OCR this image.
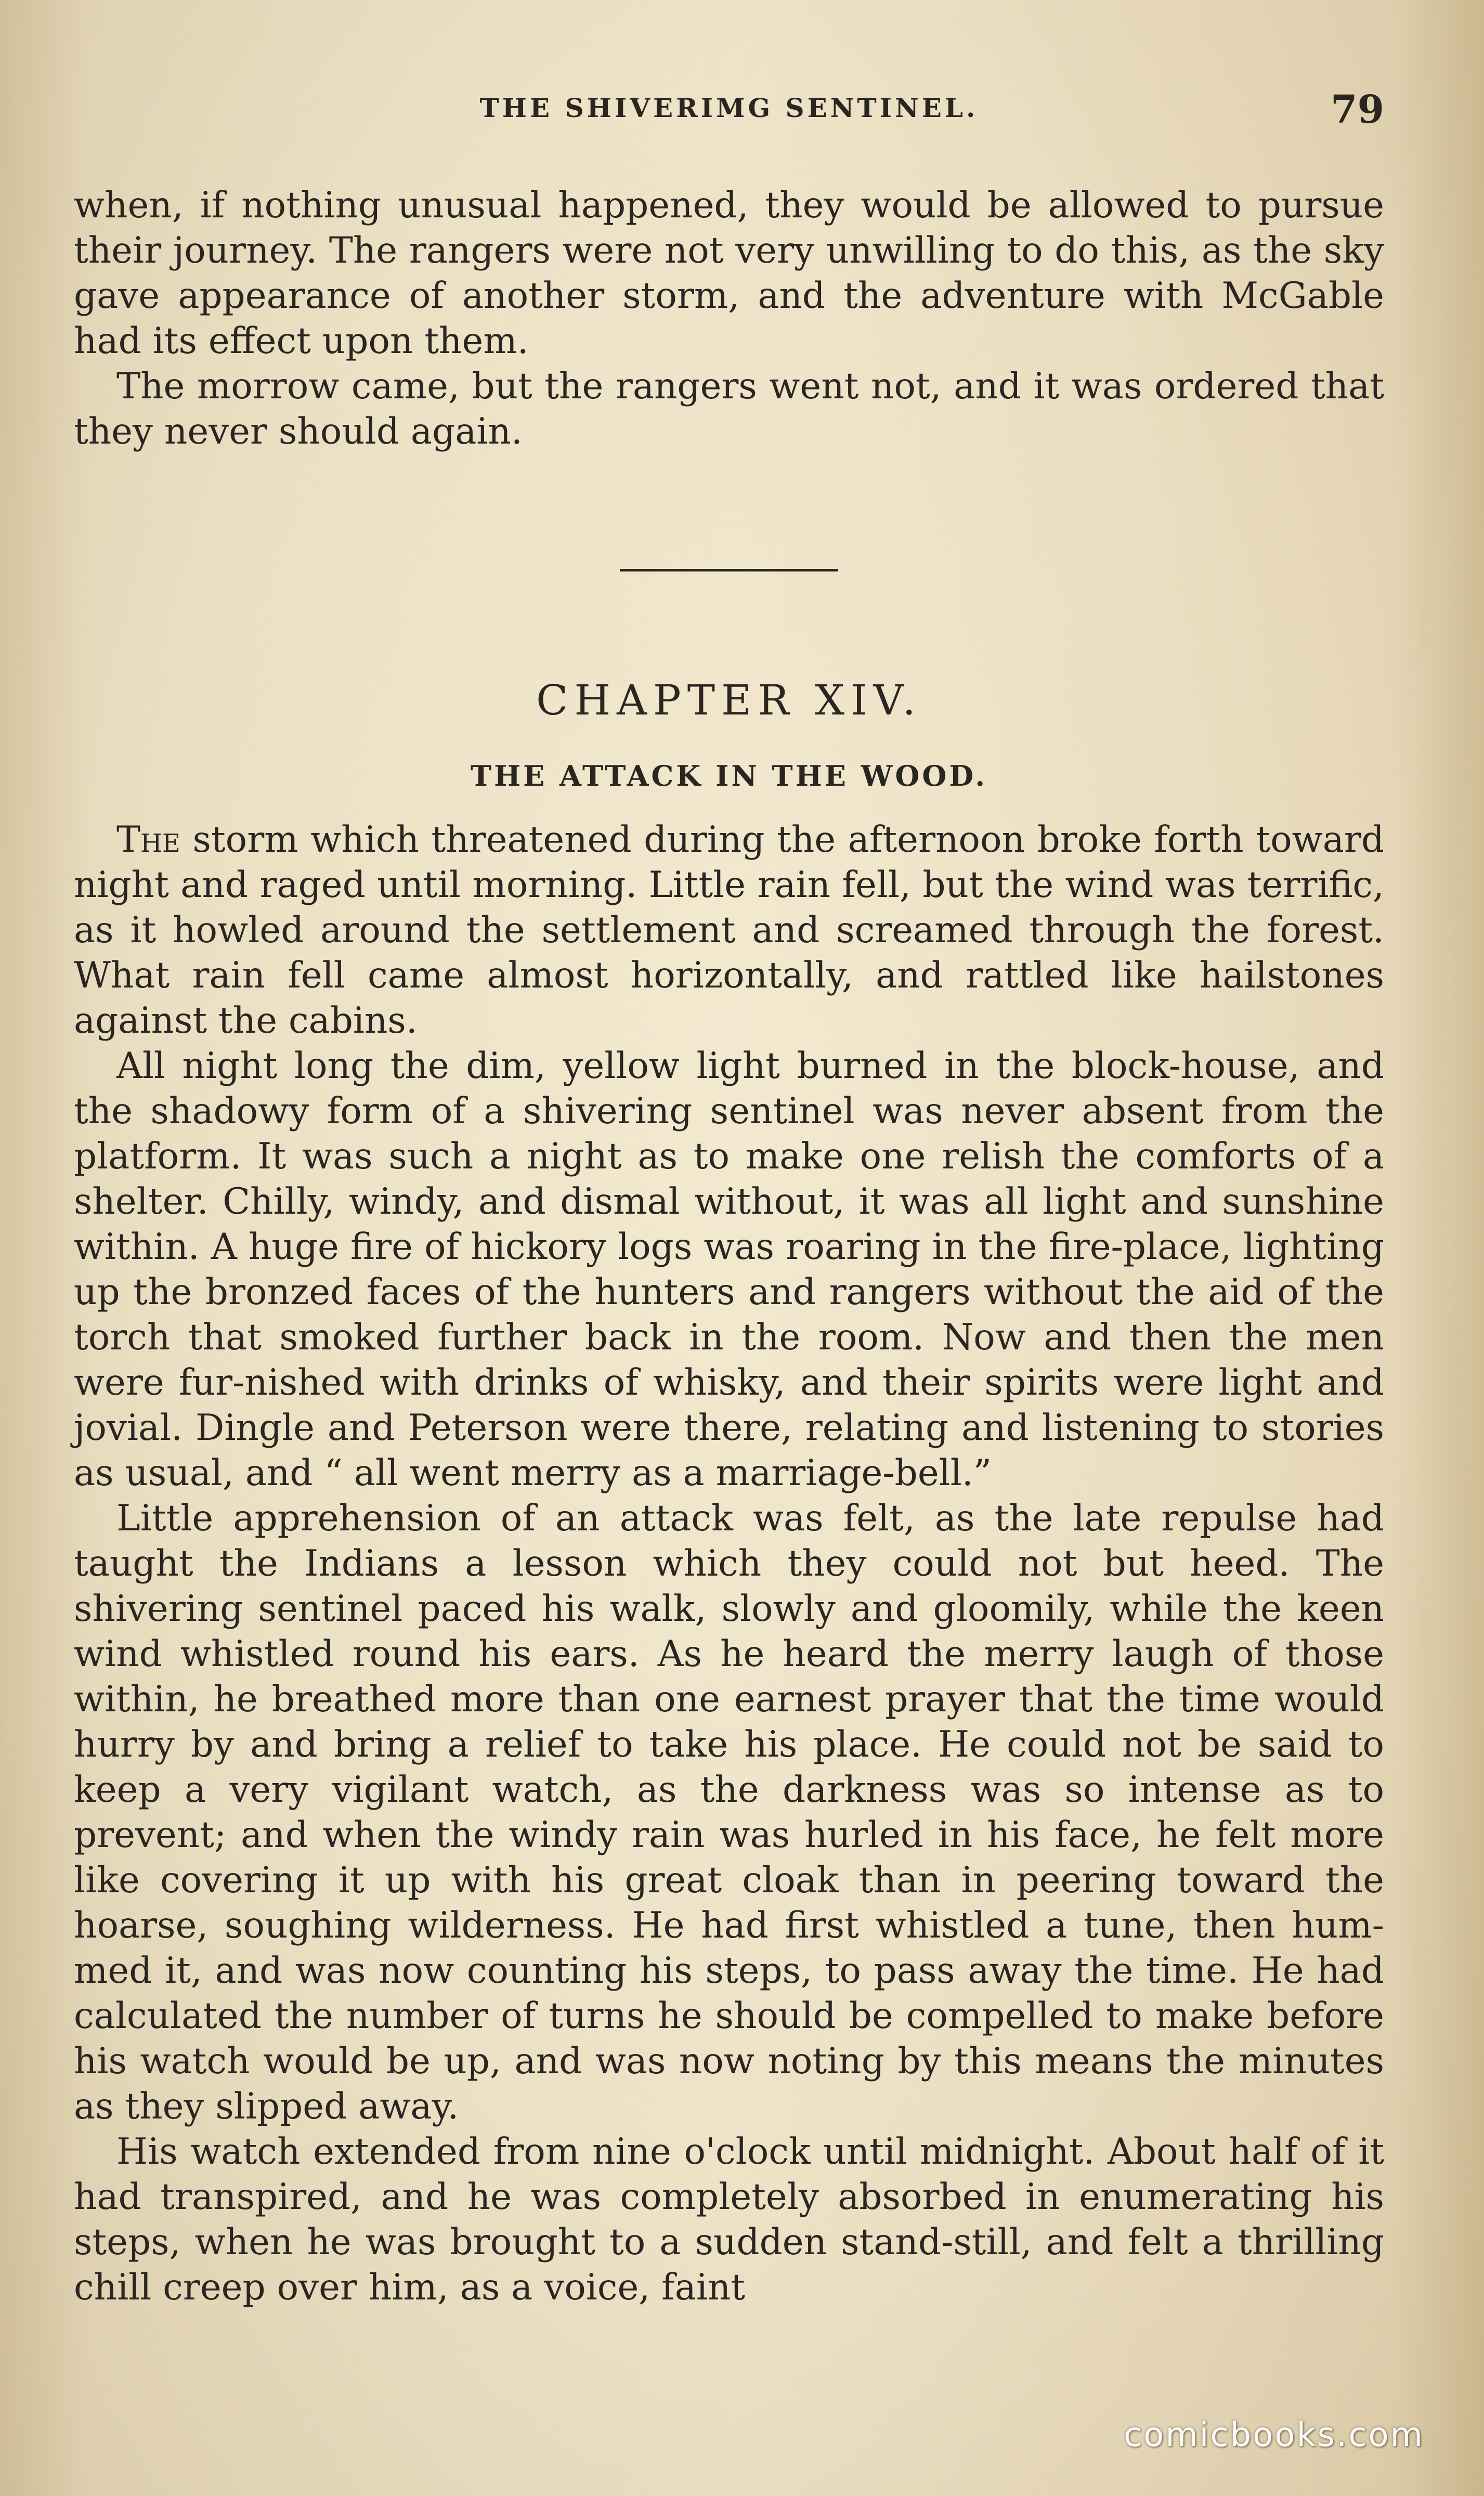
THE SHIVERIMG SENTINEL.	79

when, if nothing unusual happened, they would be allowed to pursue their journey. The rangers were not very unwilling to do this, as the sky gave appearance of another storm, and the adventure with McGable had its effect upon them.

The morrow came, but the rangers went not, and it was ordered that they never should again.

CHAPTER XIV.
THE ATTACK IN THE WOOD.

The storm which threatened during the afternoon broke forth toward night and raged until morning. Little rain fell, but the wind was terrific, as it howled around the settlement and screamed through the forest. What rain fell came almost horizontally, and rattled like hailstones against the cabins.

All night long the dim, yellow light burned in the block-house, and the shadowy form of a shivering sentinel was never absent from the platform. It was such a night as to make one relish the comforts of a shelter. Chilly, windy, and dismal without, it was all light and sunshine within. A huge fire of hickory logs was roaring in the fire-place, lighting up the bronzed faces of the hunters and rangers without the aid of the torch that smoked further back in the room. Now and then the men were fur-nished with drinks of whisky, and their spirits were light and jovial. Dingle and Peterson were there, relating and listening to stories as usual, and “ all went merry as a marriage-bell.”

Little apprehension of an attack was felt, as the late repulse had taught the Indians a lesson which they could not but heed. The shivering sentinel paced his walk, slowly and gloomily, while the keen wind whistled round his ears. As he heard the merry laugh of those within, he breathed more than one earnest prayer that the time would hurry by and bring a relief to take his place. He could not be said to keep a very vigilant watch, as the darkness was so intense as to prevent; and when the windy rain was hurled in his face, he felt more like covering it up with his great cloak than in peering toward the hoarse, soughing wilderness. He had first whistled a tune, then hum-med it, and was now counting his steps, to pass away the time. He had calculated the number of turns he should be compelled to make before his watch would be up, and was now noting by this means the minutes as they slipped away.

His watch extended from nine o'clock until midnight. About half of it had transpired, and he was completely absorbed in enumerating his steps, when he was brought to a sudden stand-still, and felt a thrilling chill creep over him, as a voice, faint

comicbooks.com
